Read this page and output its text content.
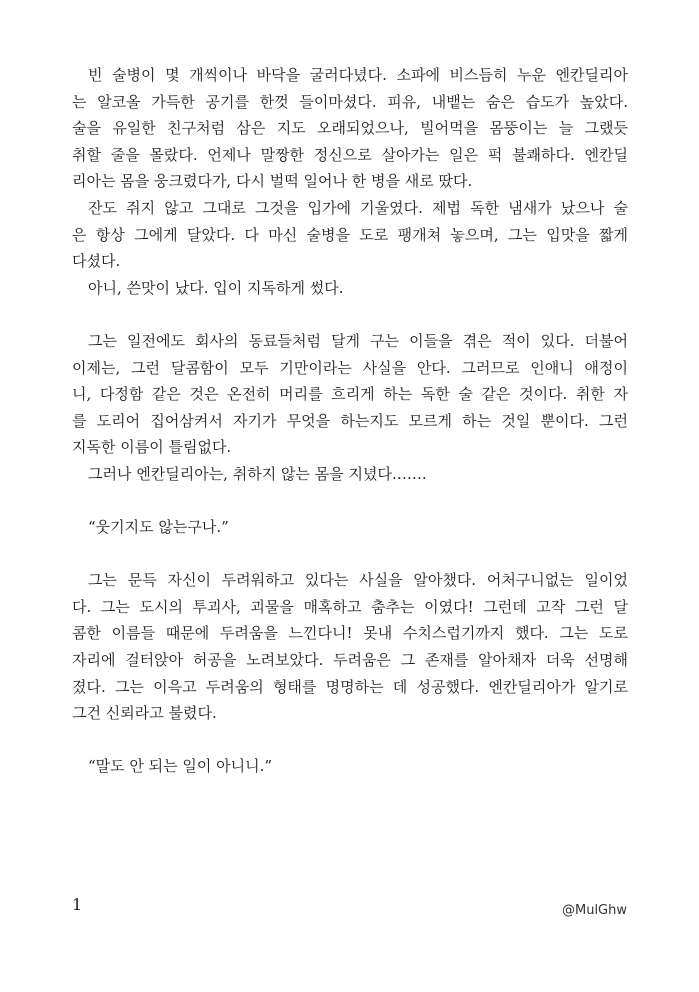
빈 술병이 몇 개씩이나 바닥을 굴러다녔다. 소파에 비스듬히 누운 엔칸딜리아
는 알코올 가득한 공기를 한껏 들이마셨다. 피유, 내뱉는 숨은 습도가 높았다.
술을 유일한 친구처럼 삼은 지도 오래되었으나, 빌어먹을 몸뚱이는 늘 그랬듯
취할 줄을 몰랐다. 언제나 말짱한 정신으로 살아가는 일은 퍽 불쾌하다. 엔칸딜
리아는 몸을 웅크렸다가, 다시 벌떡 일어나 한 병을 새로 땄다.
잔도 쥐지 않고 그대로 그것을 입가에 기울였다. 제법 독한 냄새가 났으나 술
은 항상 그에게 달았다. 다 마신 술병을 도로 팽개쳐 놓으며, 그는 입맛을 짧게
다셨다.
아니, 쓴맛이 났다. 입이 지독하게 썼다.
그는 일전에도 회사의 동료들처럼 달게 구는 이들을 겪은 적이 있다. 더불어
이제는, 그런 달콤함이 모두 기만이라는 사실을 안다. 그러므로 인애니 애정이
니, 다정함 같은 것은 온전히 머리를 흐리게 하는 독한 술 같은 것이다. 취한 자
를 도리어 집어삼켜서 자기가 무엇을 하는지도 모르게 하는 것일 뿐이다. 그런
지독한 이름이 틀림없다.
그러나 엔칸딜리아는, 취하지 않는 몸을 지녔다…….
“웃기지도 않는구나.”
그는 문득 자신이 두려워하고 있다는 사실을 알아챘다. 어처구니없는 일이었
다. 그는 도시의 투괴사, 괴물을 매혹하고 춤추는 이였다! 그런데 고작 그런 달
콤한 이름들 때문에 두려움을 느낀다니! 못내 수치스럽기까지 했다. 그는 도로
자리에 걸터앉아 허공을 노려보았다. 두려움은 그 존재를 알아채자 더욱 선명해
졌다. 그는 이윽고 두려움의 형태를 명명하는 데 성공했다. 엔칸딜리아가 알기로
그건 신뢰라고 불렸다.
“말도 안 되는 일이 아니니.”
1	@MulGhw
